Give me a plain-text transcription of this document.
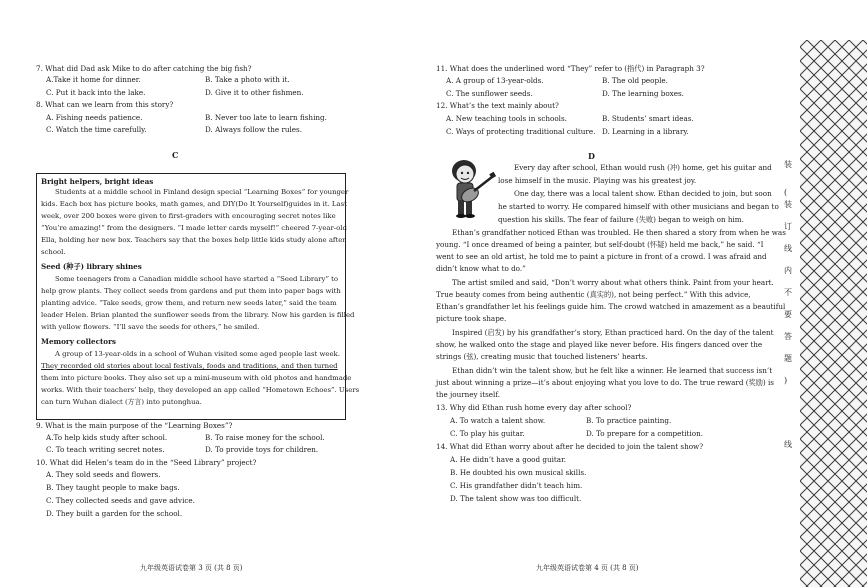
7. What did Dad ask Mike to do after catching the big fish?
A.Take it home for dinner.	B. Take a photo with it.
C. Put it back into the lake.	D. Give it to other fishmen.
8. What can we learn from this story?
A. Fishing needs patience.	B. Never too late to learn fishing.
C. Watch the time carefully.	D. Always follow the rules.
C
Bright helpers, bright ideas
Students at a middle school in Finland design special “Learning Boxes” for younger
kids. Each box has picture books, math games, and DIY(Do It Yourself)guides in it. Last
week, over 200 boxes were given to first-graders with encouraging secret notes like
“You’re amazing!” from the designers. “I made letter cards myself!” cheered 7-year-old
Ella, holding her new box. Teachers say that the boxes help little kids study alone after
school.
Seed (种子) library shines
Some teenagers from a Canadian middle school have started a “Seed Library” to
help grow plants. They collect seeds from gardens and put them into paper bags with
planting advice. “Take seeds, grow them, and return new seeds later,” said the team
leader Helen. Brian planted the sunflower seeds from the library. Now his garden is filled
with yellow flowers. “I’ll save the seeds for others,” he smiled.
Memory collectors
A group of 13-year-olds in a school of Wuhan visited some aged people last week.
They recorded old stories about local festivals, foods and traditions, and then turned
them into picture books. They also set up a mini-museum with old photos and handmade
works. With their teachers’ help, they developed an app called “Hometown Echoes”. Users
can turn Wuhan dialect (方言) into putonghua.
9. What is the main purpose of the “Learning Boxes”?
A.To help kids study after school.	B. To raise money for the school.
C. To teach writing secret notes.	D. To provide toys for children.
10. What did Helen’s team do in the “Seed Library” project?
A. They sold seeds and flowers.
B. They taught people to make bags.
C. They collected seeds and gave advice.
D. They built a garden for the school.
九年级英语试卷第 3 页 (共 8 页)
11. What does the underlined word “They” refer to (指代) in Paragraph 3?
A. A group of 13-year-olds.	B. The old people.
C. The sunflower seeds.	D. The learning boxes.
12. What’s the text mainly about?
A. New teaching tools in schools.	B. Students’ smart ideas.
C. Ways of protecting traditional culture. D. Learning in a library.
D
Every day after school, Ethan would rush (冲) home, get his guitar and
lose himself in the music. Playing was his greatest joy.
One day, there was a local talent show. Ethan decided to join, but soon
he started to worry. He compared himself with other musicians and began to
question his skills. The fear of failure (失败) began to weigh on him.
Ethan’s grandfather noticed Ethan was troubled. He then shared a story from when he was
young. “I once dreamed of being a painter, but self-doubt (怀疑) held me back,” he said. “I
went to see an old artist, he told me to paint a picture in front of a crowd. I was afraid and
didn’t know what to do.”
The artist smiled and said, “Don’t worry about what others think. Paint from your heart.
True beauty comes from being authentic (真实的), not being perfect.” With this advice,
Ethan’s grandfather let his feelings guide him. The crowd watched in amazement as a beautiful
picture took shape.
Inspired (启发) by his grandfather’s story, Ethan practiced hard. On the day of the talent
show, he walked onto the stage and played like never before. His fingers danced over the
strings (弦), creating music that touched listeners’ hearts.
Ethan didn’t win the talent show, but he felt like a winner. He learned that success isn’t
just about winning a prize—it’s about enjoying what you love to do. The true reward (奖励) is
the journey itself.
13. Why did Ethan rush home every day after school?
A. To watch a talent show.	B. To practice painting.
C. To play his guitar.	D. To prepare for a competition.
14. What did Ethan worry about after he decided to join the talent show?
A. He didn’t have a good guitar.
B. He doubted his own musical skills.
C. His grandfather didn’t teach him.
D. The talent show was too difficult.
九年级英语试卷第 4 页 (共 8 页)
装
(
装
订
线
内
不
要
答
题
)
线
